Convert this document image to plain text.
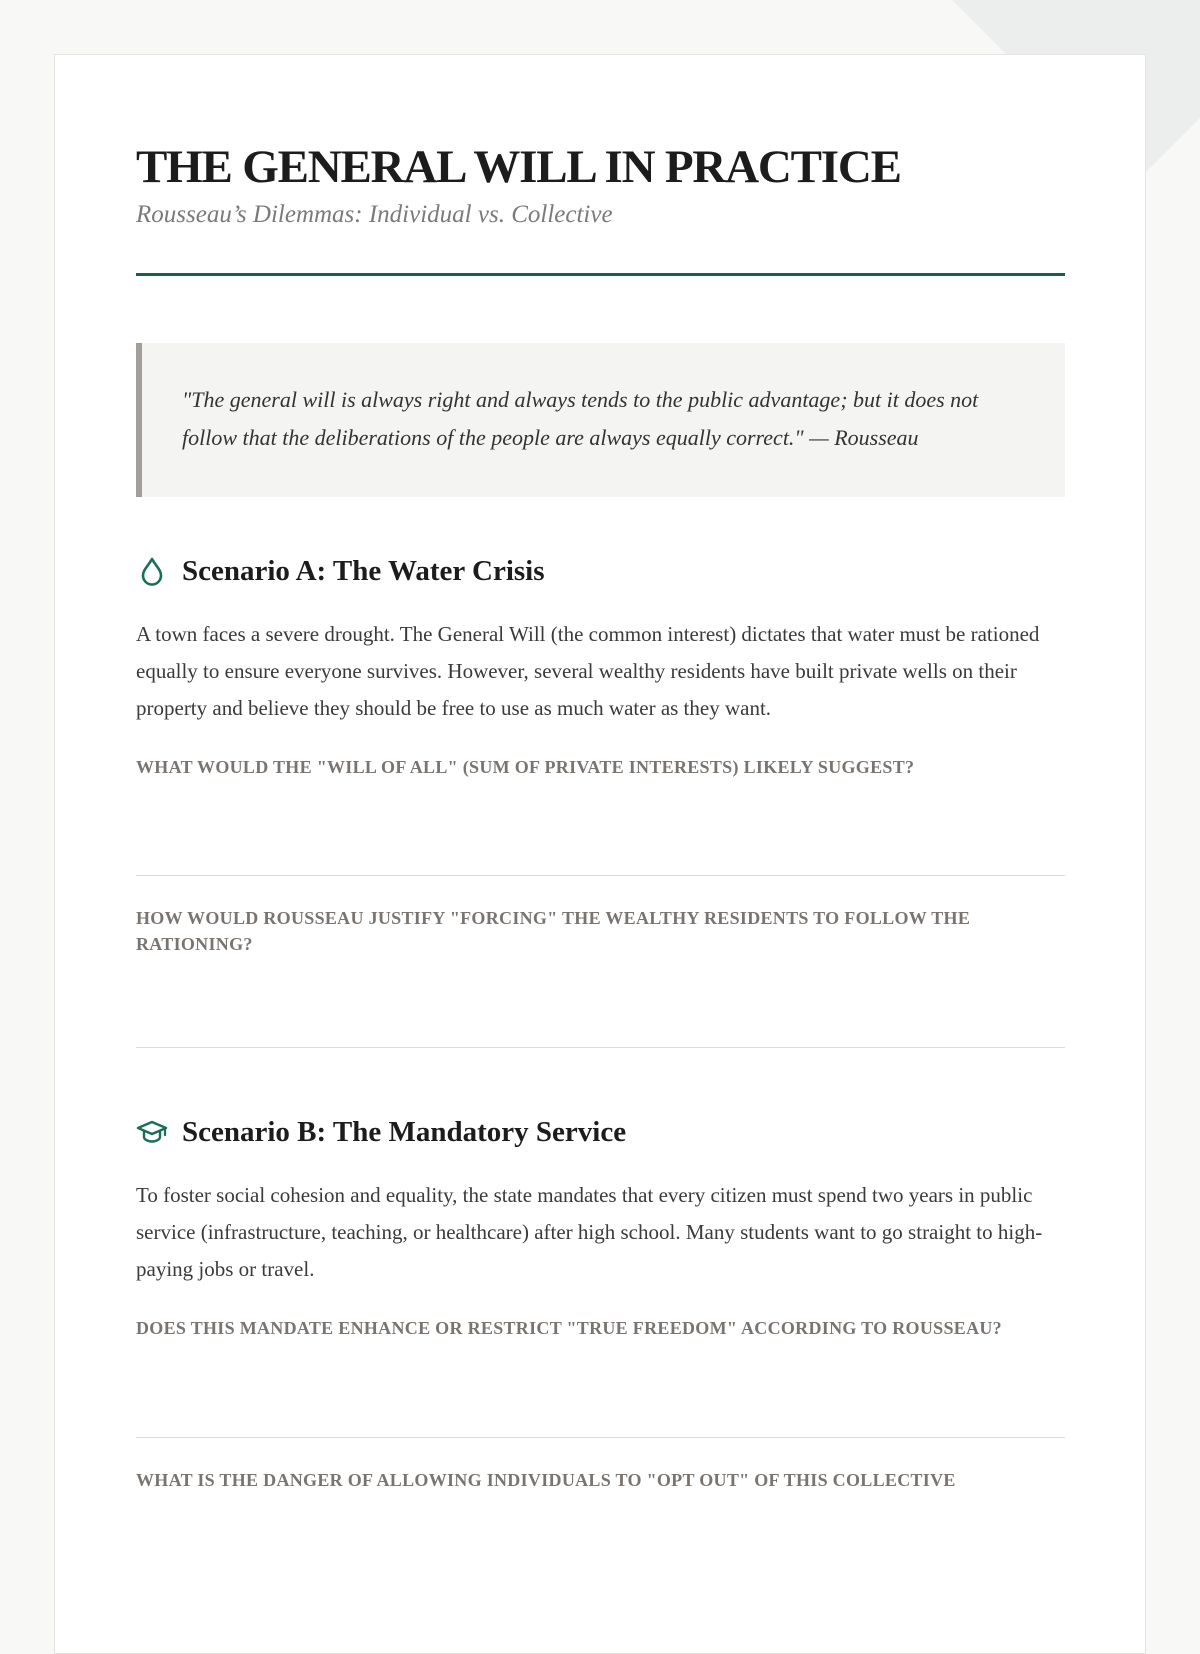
THE GENERAL WILL IN PRACTICE
Rousseau’s Dilemmas: Individual vs. Collective
"The general will is always right and always tends to the public advantage; but it does not follow that the deliberations of the people are always equally correct." — Rousseau
Scenario A: The Water Crisis
A town faces a severe drought. The General Will (the common interest) dictates that water must be rationed equally to ensure everyone survives. However, several wealthy residents have built private wells on their property and believe they should be free to use as much water as they want.
WHAT WOULD THE "WILL OF ALL" (SUM OF PRIVATE INTERESTS) LIKELY SUGGEST?
HOW WOULD ROUSSEAU JUSTIFY "FORCING" THE WEALTHY RESIDENTS TO FOLLOW THE RATIONING?
Scenario B: The Mandatory Service
To foster social cohesion and equality, the state mandates that every citizen must spend two years in public service (infrastructure, teaching, or healthcare) after high school. Many students want to go straight to high-paying jobs or travel.
DOES THIS MANDATE ENHANCE OR RESTRICT "TRUE FREEDOM" ACCORDING TO ROUSSEAU?
WHAT IS THE DANGER OF ALLOWING INDIVIDUALS TO "OPT OUT" OF THIS COLLECTIVE
